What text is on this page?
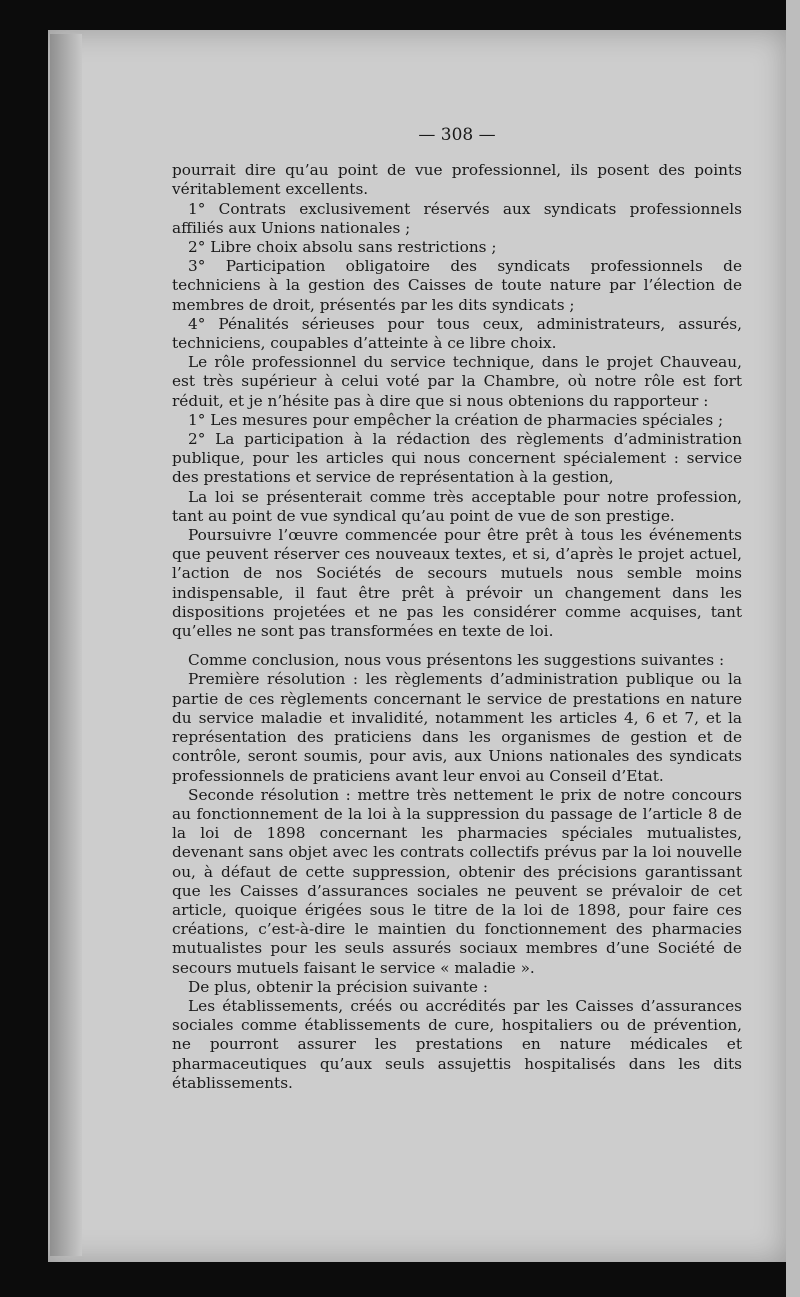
— 308 —

pourrait dire qu’au point de vue professionnel, ils posent des points véritablement excellents.

1° Contrats exclusivement réservés aux syndicats professionnels affiliés aux Unions nationales ;

2° Libre choix absolu sans restrictions ;

3° Participation obligatoire des syndicats professionnels de techniciens à la gestion des Caisses de toute nature par l’élection de membres de droit, présentés par les dits syndicats ;

4° Pénalités sérieuses pour tous ceux, administrateurs, assurés, techniciens, coupables d’atteinte à ce libre choix.

Le rôle professionnel du service technique, dans le projet Chauveau, est très supérieur à celui voté par la Chambre, où notre rôle est fort réduit, et je n’hésite pas à dire que si nous obtenions du rapporteur :

1° Les mesures pour empêcher la création de pharmacies spéciales ;

2° La participation à la rédaction des règlements d’administration publique, pour les articles qui nous concernent spécialement : service des prestations et service de représentation à la gestion,

La loi se présenterait comme très acceptable pour notre profession, tant au point de vue syndical qu’au point de vue de son prestige.

Poursuivre l’œuvre commencée pour être prêt à tous les événements que peuvent réserver ces nouveaux textes, et si, d’après le projet actuel, l’action de nos Sociétés de secours mutuels nous semble moins indispensable, il faut être prêt à prévoir un changement dans les dispositions projetées et ne pas les considérer comme acquises, tant qu’elles ne sont pas transformées en texte de loi.

Comme conclusion, nous vous présentons les suggestions suivantes :

Première résolution : les règlements d’administration publique ou la partie de ces règlements concernant le service de prestations en nature du service maladie et invalidité, notamment les articles 4, 6 et 7, et la représentation des praticiens dans les organismes de gestion et de contrôle, seront soumis, pour avis, aux Unions nationales des syndicats professionnels de praticiens avant leur envoi au Conseil d’Etat.

Seconde résolution : mettre très nettement le prix de notre concours au fonctionnement de la loi à la suppression du passage de l’article 8 de la loi de 1898 concernant les pharmacies spéciales mutualistes, devenant sans objet avec les contrats collectifs prévus par la loi nouvelle ou, à défaut de cette suppression, obtenir des précisions garantissant que les Caisses d’assurances sociales ne peuvent se prévaloir de cet article, quoique érigées sous le titre de la loi de 1898, pour faire ces créations, c’est-à-dire le maintien du fonctionnement des pharmacies mutualistes pour les seuls assurés sociaux membres d’une Société de secours mutuels faisant le service « maladie ».

De plus, obtenir la précision suivante :

Les établissements, créés ou accrédités par les Caisses d’assurances sociales comme établissements de cure, hospitaliers ou de prévention, ne pourront assurer les prestations en nature médicales et pharmaceutiques qu’aux seuls assujettis hospitalisés dans les dits établissements.
